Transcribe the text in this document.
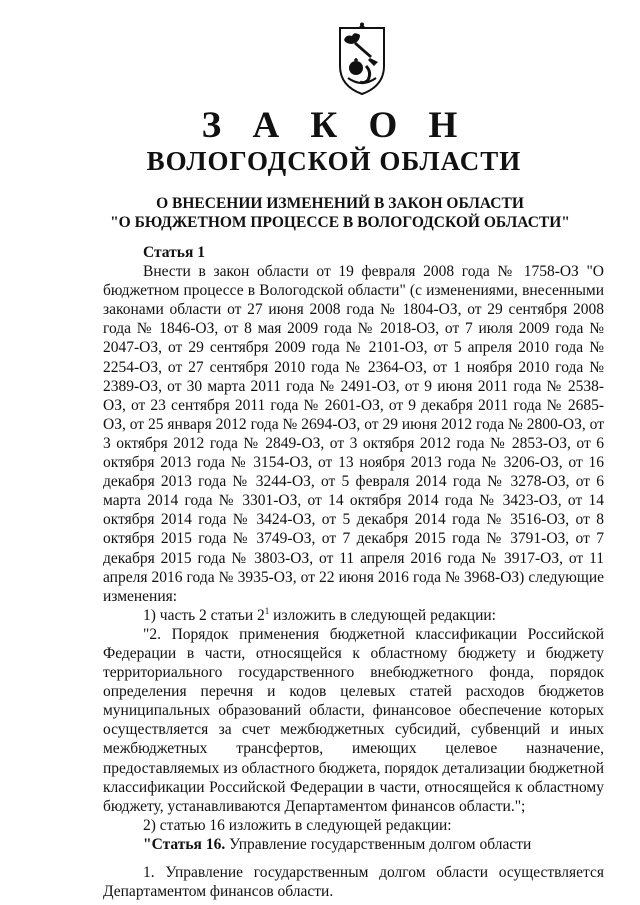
З А К О Н
ВОЛОГОДСКОЙ ОБЛАСТИ
О ВНЕСЕНИИ ИЗМЕНЕНИЙ В ЗАКОН ОБЛАСТИ
"О БЮДЖЕТНОМ ПРОЦЕССЕ В ВОЛОГОДСКОЙ ОБЛАСТИ"

Статья 1

Внести в закон области от 19 февраля 2008 года № 1758-ОЗ "О бюджетном процессе в Вологодской области" (с изменениями, внесенными законами области от 27 июня 2008 года № 1804-ОЗ, от 29 сентября 2008 года № 1846-ОЗ, от 8 мая 2009 года № 2018-ОЗ, от 7 июля 2009 года № 2047-ОЗ, от 29 сентября 2009 года № 2101-ОЗ, от 5 апреля 2010 года № 2254-ОЗ, от 27 сентября 2010 года № 2364-ОЗ, от 1 ноября 2010 года № 2389-ОЗ, от 30 марта 2011 года № 2491-ОЗ, от 9 июня 2011 года № 2538-ОЗ, от 23 сентября 2011 года № 2601-ОЗ, от 9 декабря 2011 года № 2685-ОЗ, от 25 января 2012 года № 2694-ОЗ, от 29 июня 2012 года № 2800-ОЗ, от 3 октября 2012 года № 2849-ОЗ, от 3 октября 2012 года № 2853-ОЗ, от 6 октября 2013 года № 3154-ОЗ, от 13 ноября 2013 года № 3206-ОЗ, от 16 декабря 2013 года № 3244-ОЗ, от 5 февраля 2014 года № 3278-ОЗ, от 6 марта 2014 года № 3301-ОЗ, от 14 октября 2014 года № 3423-ОЗ, от 14 октября 2014 года № 3424-ОЗ, от 5 декабря 2014 года № 3516-ОЗ, от 8 октября 2015 года № 3749-ОЗ, от 7 декабря 2015 года № 3791-ОЗ, от 7 декабря 2015 года № 3803-ОЗ, от 11 апреля 2016 года № 3917-ОЗ, от 11 апреля 2016 года № 3935-ОЗ, от 22 июня 2016 года № 3968-ОЗ) следующие изменения:

1) часть 2 статьи $2^1$ изложить в следующей редакции:

"2. Порядок применения бюджетной классификации Российской Федерации в части, относящейся к областному бюджету и бюджету территориального государственного внебюджетного фонда, порядок определения перечня и кодов целевых статей расходов бюджетов муниципальных образований области, финансовое обеспечение которых осуществляется за счет межбюджетных субсидий, субвенций и иных межбюджетных трансфертов, имеющих целевое назначение, предоставляемых из областного бюджета, порядок детализации бюджетной классификации Российской Федерации в части, относящейся к областному бюджету, устанавливаются Департаментом финансов области.";

2) статью 16 изложить в следующей редакции:

"Статья 16. Управление государственным долгом области

1. Управление государственным долгом области осуществляется Департаментом финансов области.
